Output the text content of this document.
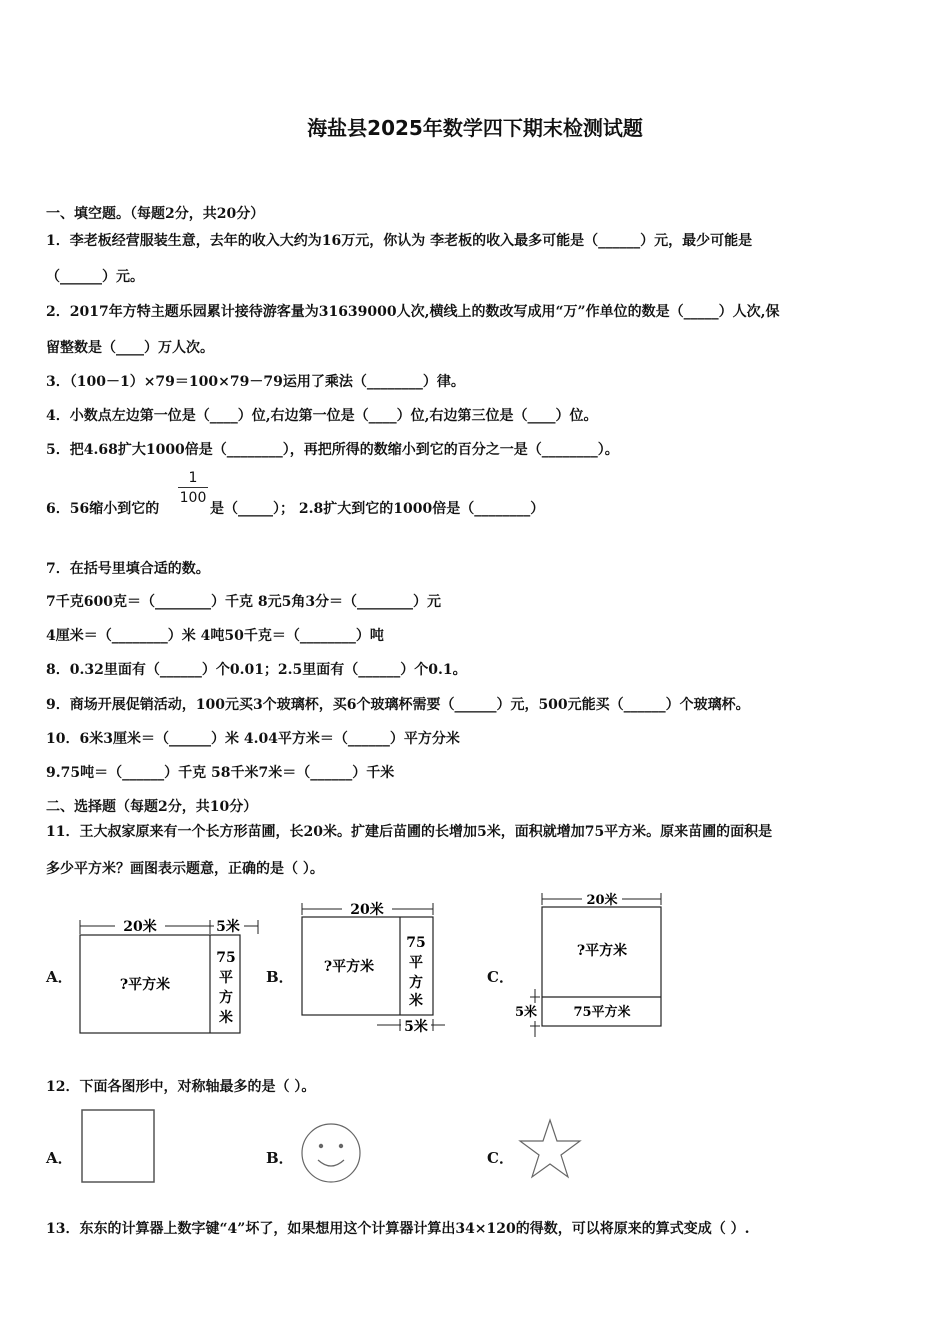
海盐县2025年数学四下期末检测试题
一、填空题。（每题2分，共20分）
1．李老板经营服装生意，去年的收入大约为16万元，你认为 李老板的收入最多可能是（______）元，最少可能是
（______）元。
2．2017年方特主题乐园累计接待游客量为31639000人次,横线上的数改写成用“万”作单位的数是（_____）人次,保
留整数是（____）万人次。
3．（100－1）×79＝100×79－79运用了乘法（________）律。
4．小数点左边第一位是（____）位,右边第一位是（____）位,右边第三位是（____）位。
5．把4.68扩大1000倍是（________），再把所得的数缩小到它的百分之一是（________）。
6．56缩小到它的
$\frac{1}{100}$
是（_____）； 2.8扩大到它的1000倍是（________）
7．在括号里填合适的数。
7千克600克＝（________）千克 8元5角3分＝（________）元
4厘米＝（________）米 4吨50千克＝（________）吨
8．0.32里面有（______）个0.01；2.5里面有（______）个0.1。
9．商场开展促销活动，100元买3个玻璃杯，买6个玻璃杯需要（______）元，500元能买（______）个玻璃杯。
10．6米3厘米＝（______）米 4.04平方米＝（______）平方分米
9.75吨＝（______）千克 58千米7米＝（______）千米
二、选择题（每题2分，共10分）
11．王大叔家原来有一个长方形苗圃，长20米。扩建后苗圃的长增加5米，面积就增加75平方米。原来苗圃的面积是
多少平方米？画图表示题意，正确的是（ ）。
A．
20米	5米
?平方米
75
平
方
米
B．
20米
?平方米
75
平
方
米
5米
C．
20米
?平方米
75平方米
5米
12．下面各图形中，对称轴最多的是（ ）。
A．	B．	C．
13．东东的计算器上数字键“4”坏了，如果想用这个计算器计算出34×120的得数，可以将原来的算式变成（ ）.
